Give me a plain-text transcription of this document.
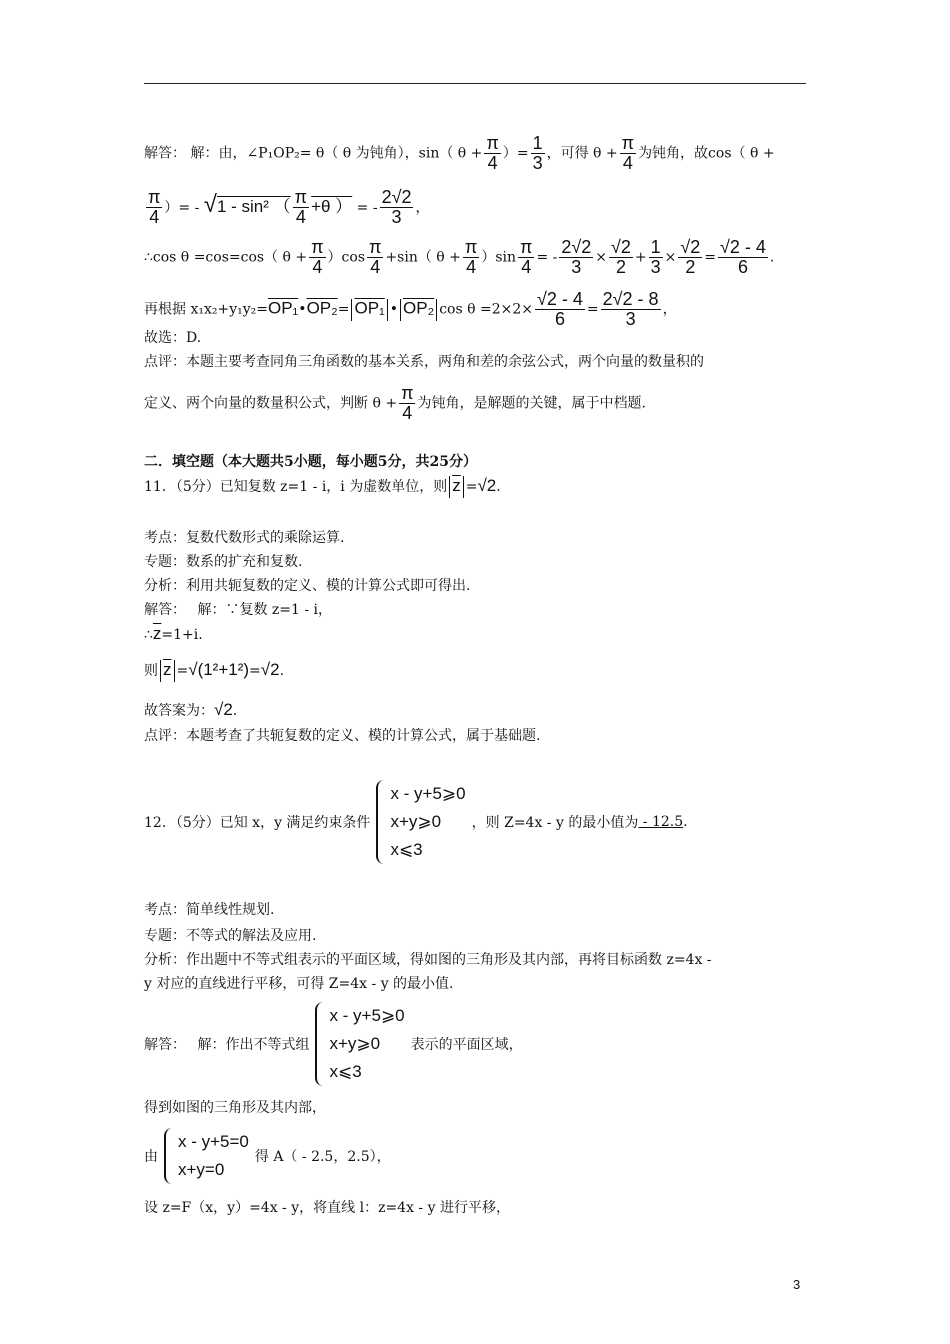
解答： 解：由，∠P₁OP₂= θ（ θ 为钝角），sin（ $\theta + \frac{\pi}{4}$ ）= $\frac{1}{3}$ ，可得 $\theta + \frac{\pi}{4}$ 为钝角，故cos（ θ +
$\frac{\pi}{4}$ ）= - √1 - sin² （ $\frac{\pi}{4} +\theta$ ） = - $\frac{2√2}{3}$ ，
∴cos θ =cos=cos（ $\theta + \frac{\pi}{4} )\cos \frac{\pi}{4} +\sin$（ $\theta + \frac{\pi}{4} )\sin \frac{\pi}{4}$ = - $\frac{2√2}{3} \times \frac{√2}{2} + \frac{1}{3} \times \frac{√2}{2} = \frac{√2 - 4}{6}$ .
再根据 x₁x₂+y₁y₂=OP₁•OP₂= OP₁ • OP₂ $\cos \theta =2\times 2\times \frac{√2 - 4}{6} = \frac{2√2 - 8}{3}$ ，
故选：D.
点评：本题主要考查同角三角函数的基本关系，两角和差的余弦公式，两个向量的数量积的
定义、两个向量的数量积公式，判断 $\theta + \frac{\pi}{4}$ 为钝角，是解题的关键，属于中档题.
二．填空题（本大题共5小题，每小题5分，共25分）
11．（5分）已知复数 z=1 - i，i 为虚数单位，则 $\overline{z} =√2$.
考点：复数代数形式的乘除运算.
专题：数系的扩充和复数.
分析：利用共轭复数的定义、模的计算公式即可得出.
解答：　 解：∵复数 z=1 - i，
$\therefore\overline{z}=1+i$.
则 $\overline{z} =√(1^2+1^2)=√2$.
故答案为：√2.
点评：本题考查了共轭复数的定义、模的计算公式，属于基础题.
12．（5分）已知 x，y 满足约束条件
x - y+5⩾0
x+y⩾0
x⩽3
，则 Z=4x - y 的最小值为 - 12.5.
考点：简单线性规划.
专题：不等式的解法及应用.
分析：作出题中不等式组表示的平面区域，得如图的三角形及其内部，再将目标函数 z=4x -
y 对应的直线进行平移，可得 Z=4x - y 的最小值.
解答：　 解：作出不等式组
x - y+5⩾0
x+y⩾0
x⩽3
表示的平面区域，
得到如图的三角形及其内部，
由
x - y+5=0
x+y=0
得 A（ - 2.5，2.5），
设 z=F（x，y）=4x - y，将直线 l：z=4x - y 进行平移，
3
